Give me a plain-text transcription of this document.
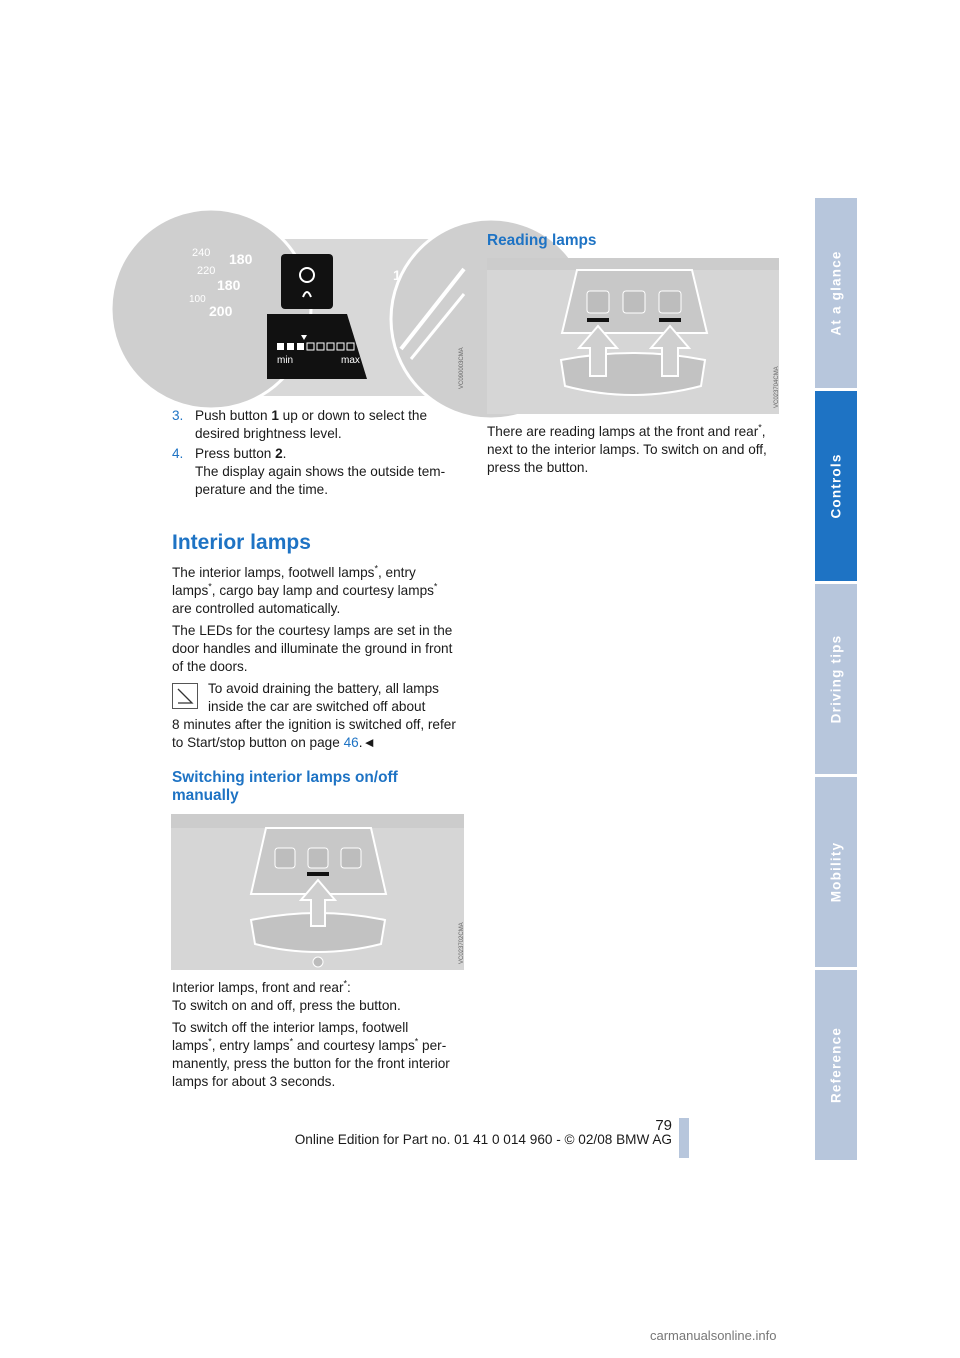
At a glance
Controls
Driving tips
Mobility
Reference
240 180
220
180
100
200
1
min	max	VC090003CMA
3. Push button 1 up or down to select the desired brightness level.
4. Press button 2.
The display again shows the outside tem-
perature and the time.
Interior lamps
The interior lamps, footwell lamps*, entry
lamps*, cargo bay lamp and courtesy lamps*
are controlled automatically.
The LEDs for the courtesy lamps are set in the
door handles and illuminate the ground in front
of the doors.
To avoid draining the battery, all lamps
inside the car are switched off about
8 minutes after the ignition is switched off, refer
to Start/stop button on page 46.◄
Switching interior lamps on/off
manually
VC023702CMA
Interior lamps, front and rear*:
To switch on and off, press the button.
To switch off the interior lamps, footwell
lamps*, entry lamps* and courtesy lamps* per-
manently, press the button for the front interior
lamps for about 3 seconds.
Reading lamps
VC023704CMA
There are reading lamps at the front and rear*,
next to the interior lamps. To switch on and off,
press the button.
79
Online Edition for Part no. 01 41 0 014 960 - © 02/08 BMW AG
carmanualsonline.info
